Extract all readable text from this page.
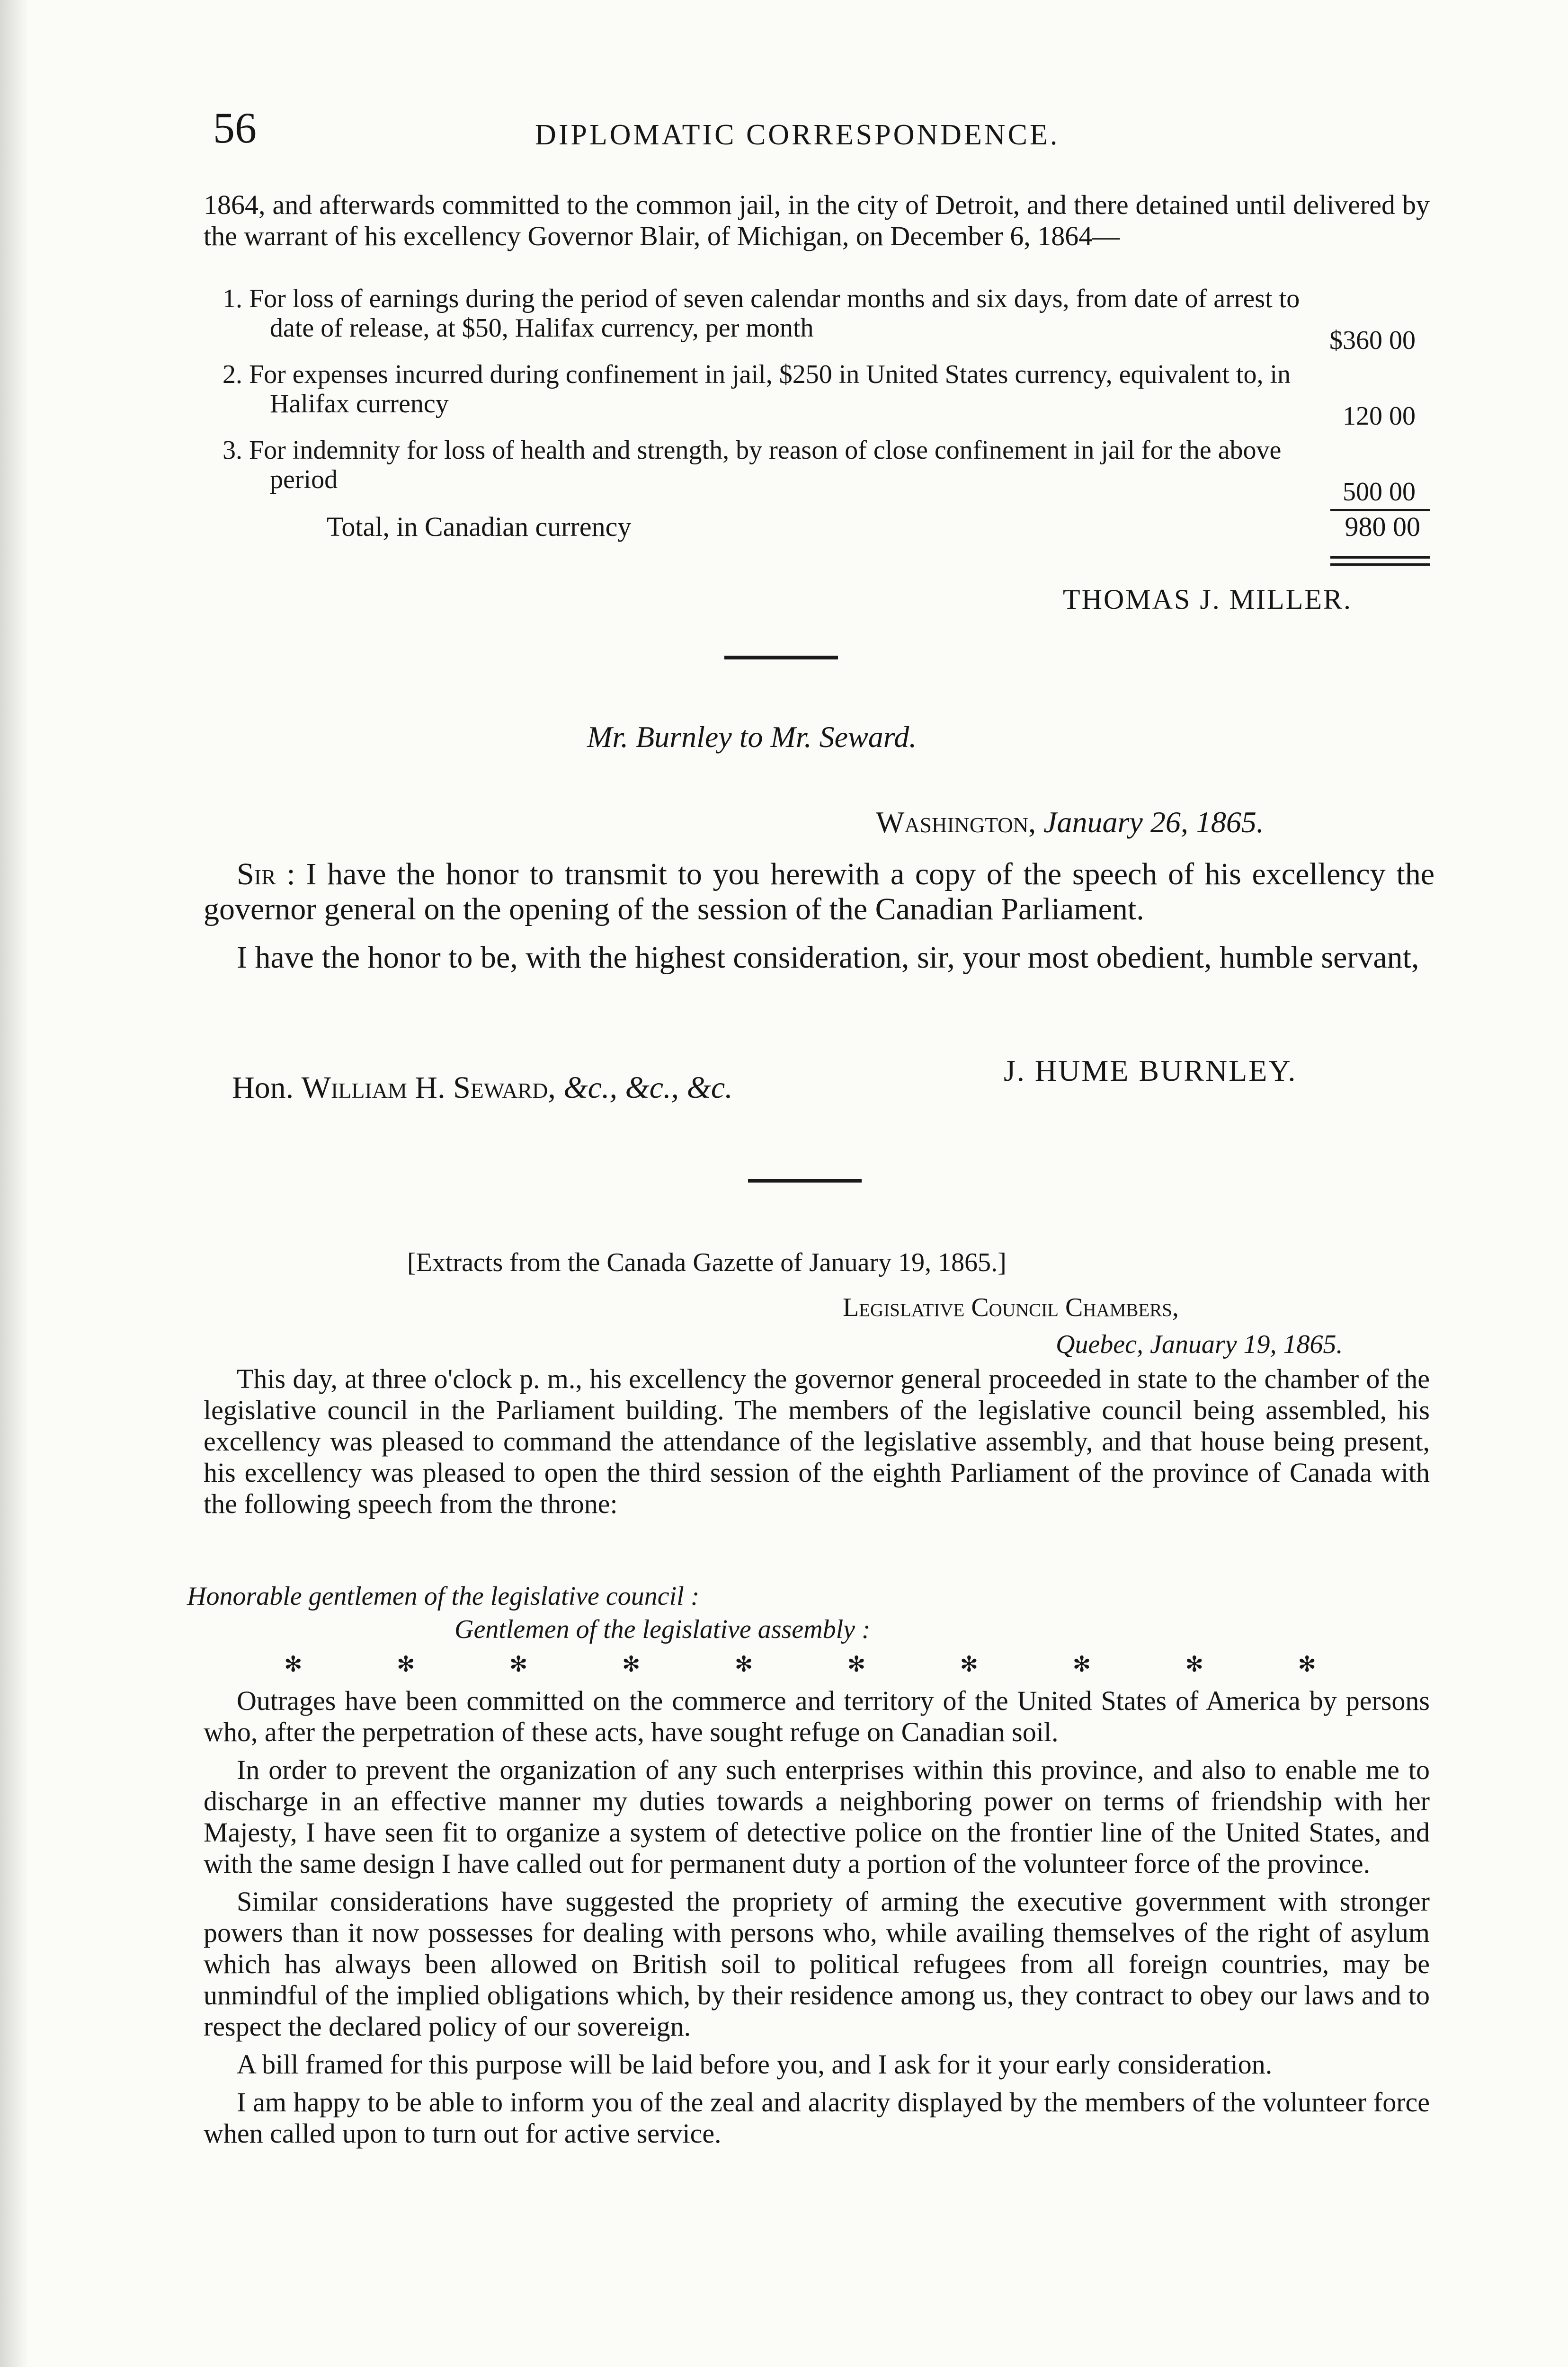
56	DIPLOMATIC CORRESPONDENCE.

1864, and afterwards committed to the common jail, in the city of Detroit, and there detained until delivered by the warrant of his excellency Governor Blair, of Michigan, on December 6, 1864—

1. For loss of earnings during the period of seven calendar months and six days, from date of arrest to date of release, at $50, Halifax currency, per month	$360 00
2. For expenses incurred during confinement in jail, $250 in United States currency, equivalent to, in Halifax currency	120 00
3. For indemnity for loss of health and strength, by reason of close confinement in jail for the above period	500 00
Total, in Canadian currency	980 00
THOMAS J. MILLER.
Mr. Burnley to Mr. Seward.
Washington, January 26, 1865.

Sir : I have the honor to transmit to you herewith a copy of the speech of his excellency the governor general on the opening of the session of the Canadian Parliament.

I have the honor to be, with the highest consideration, sir, your most obedient, humble servant,

J. HUME BURNLEY.
Hon. William H. Seward, &c., &c., &c.
[Extracts from the Canada Gazette of January 19, 1865.]
Legislative Council Chambers,
Quebec, January 19, 1865.

This day, at three o'clock p. m., his excellency the governor general proceeded in state to the chamber of the legislative council in the Parliament building. The members of the legislative council being assembled, his excellency was pleased to command the attendance of the legislative assembly, and that house being present, his excellency was pleased to open the third session of the eighth Parliament of the province of Canada with the following speech from the throne:

Honorable gentlemen of the legislative council :
Gentlemen of the legislative assembly :
✻	✻	✻	✻	✻	✻	✻	✻	✻	✻

Outrages have been committed on the commerce and territory of the United States of America by persons who, after the perpetration of these acts, have sought refuge on Canadian soil.

In order to prevent the organization of any such enterprises within this province, and also to enable me to discharge in an effective manner my duties towards a neighboring power on terms of friendship with her Majesty, I have seen fit to organize a system of detective police on the frontier line of the United States, and with the same design I have called out for permanent duty a portion of the volunteer force of the province.

Similar considerations have suggested the propriety of arming the executive government with stronger powers than it now possesses for dealing with persons who, while availing themselves of the right of asylum which has always been allowed on British soil to political refugees from all foreign countries, may be unmindful of the implied obligations which, by their residence among us, they contract to obey our laws and to respect the declared policy of our sovereign.

A bill framed for this purpose will be laid before you, and I ask for it your early consideration.

I am happy to be able to inform you of the zeal and alacrity displayed by the members of the volunteer force when called upon to turn out for active service.
